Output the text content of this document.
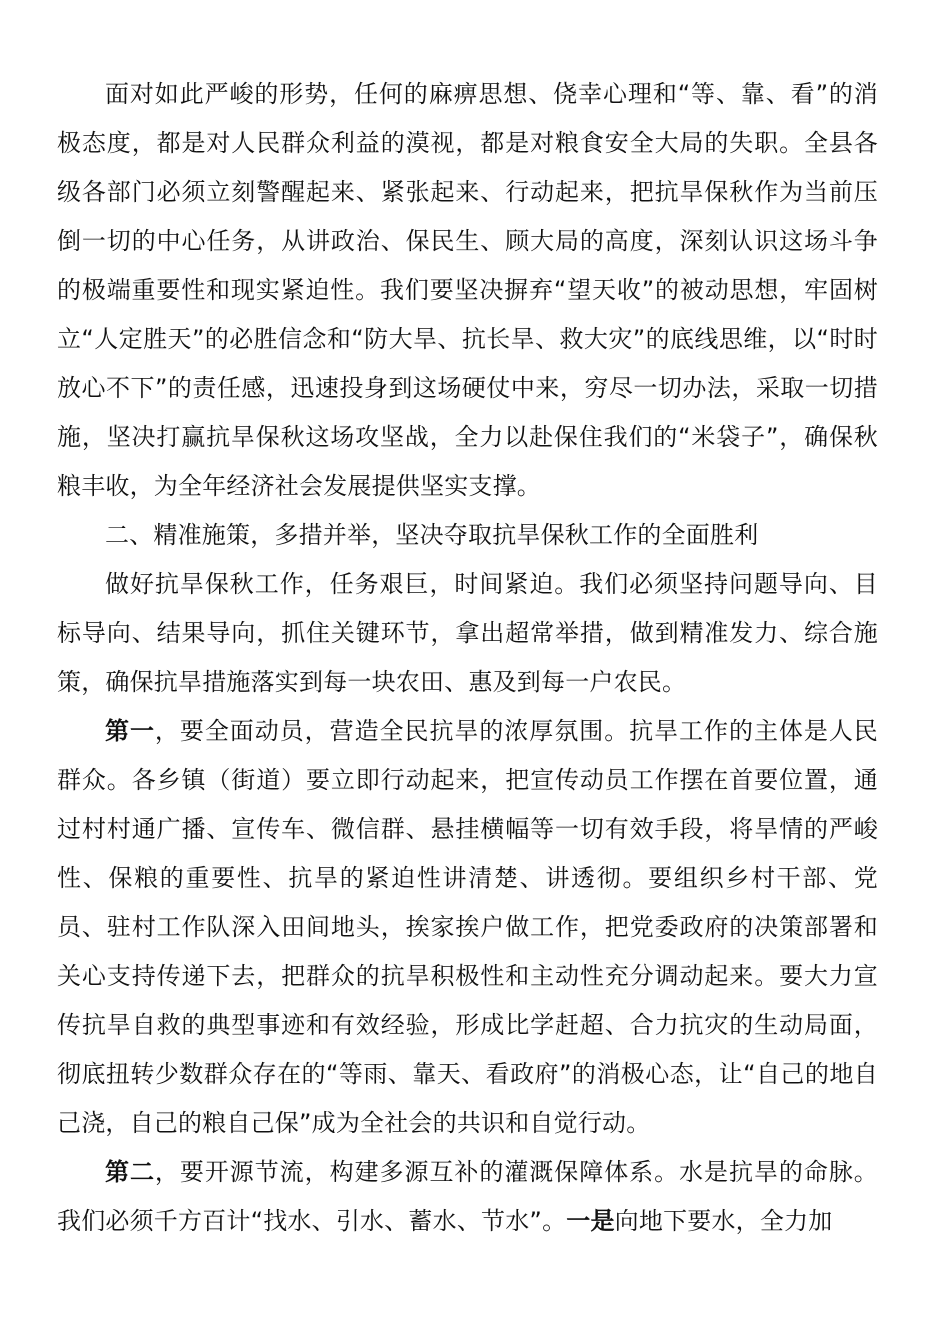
面对如此严峻的形势，任何的麻痹思想、侥幸心理和“等、靠、看”的消极态度，都是对人民群众利益的漠视，都是对粮食安全大局的失职。全县各级各部门必须立刻警醒起来、紧张起来、行动起来，把抗旱保秋作为当前压倒一切的中心任务，从讲政治、保民生、顾大局的高度，深刻认识这场斗争的极端重要性和现实紧迫性。我们要坚决摒弃“望天收”的被动思想，牢固树立“人定胜天”的必胜信念和“防大旱、抗长旱、救大灾”的底线思维，以“时时放心不下”的责任感，迅速投身到这场硬仗中来，穷尽一切办法，采取一切措施，坚决打赢抗旱保秋这场攻坚战，全力以赴保住我们的“米袋子”，确保秋粮丰收，为全年经济社会发展提供坚实支撑。

二、精准施策，多措并举，坚决夺取抗旱保秋工作的全面胜利

做好抗旱保秋工作，任务艰巨，时间紧迫。我们必须坚持问题导向、目标导向、结果导向，抓住关键环节，拿出超常举措，做到精准发力、综合施策，确保抗旱措施落实到每一块农田、惠及到每一户农民。

第一，要全面动员，营造全民抗旱的浓厚氛围。抗旱工作的主体是人民群众。各乡镇（街道）要立即行动起来，把宣传动员工作摆在首要位置，通过村村通广播、宣传车、微信群、悬挂横幅等一切有效手段，将旱情的严峻性、保粮的重要性、抗旱的紧迫性讲清楚、讲透彻。要组织乡村干部、党员、驻村工作队深入田间地头，挨家挨户做工作，把党委政府的决策部署和关心支持传递下去，把群众的抗旱积极性和主动性充分调动起来。要大力宣传抗旱自救的典型事迹和有效经验，形成比学赶超、合力抗灾的生动局面，彻底扭转少数群众存在的“等雨、靠天、看政府”的消极心态，让“自己的地自己浇，自己的粮自己保”成为全社会的共识和自觉行动。

第二，要开源节流，构建多源互补的灌溉保障体系。水是抗旱的命脉。我们必须千方百计“找水、引水、蓄水、节水”。一是向地下要水，全力加
